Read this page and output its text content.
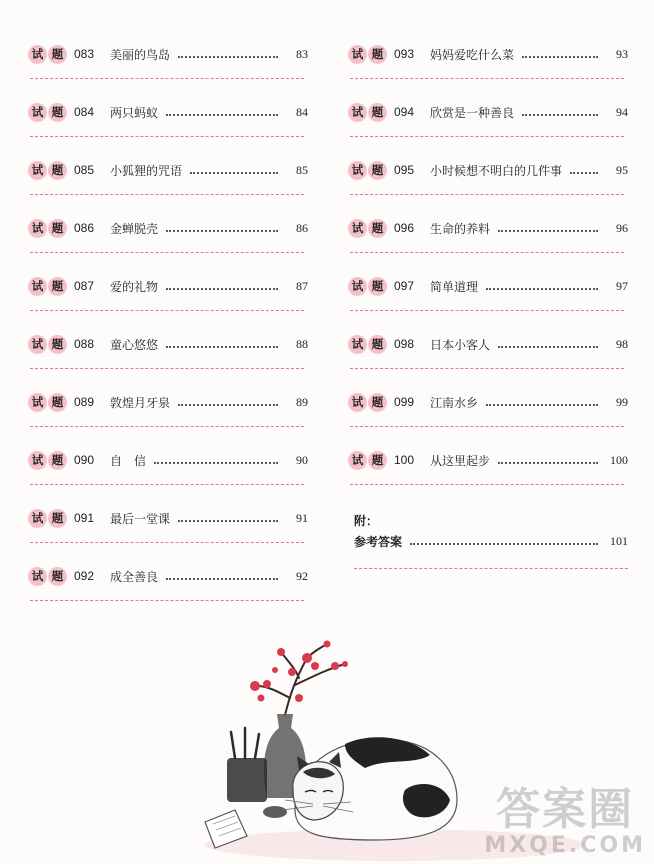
试 题 083	美丽的鸟岛	83
试 题 084	两只蚂蚁	84
试 题 085	小狐狸的咒语	85
试 题 086	金蝉脱壳	86
试 题 087	爱的礼物	87
试 题 088	童心悠悠	88
试 题 089	敦煌月牙泉	89
试 题 090	自　信	90
试 题 091	最后一堂课	91
试 题 092	成全善良	92
试 题 093	妈妈爱吃什么菜	93
试 题 094	欣赏是一种善良	94
试 题 095	小时候想不明白的几件事	95
试 题 096	生命的养料	96
试 题 097	简单道理	97
试 题 098	日本小客人	98
试 题 099	江南水乡	99
试 题 100	从这里起步	100
附：
参考答案	101
答案圈
MXQE.COM
